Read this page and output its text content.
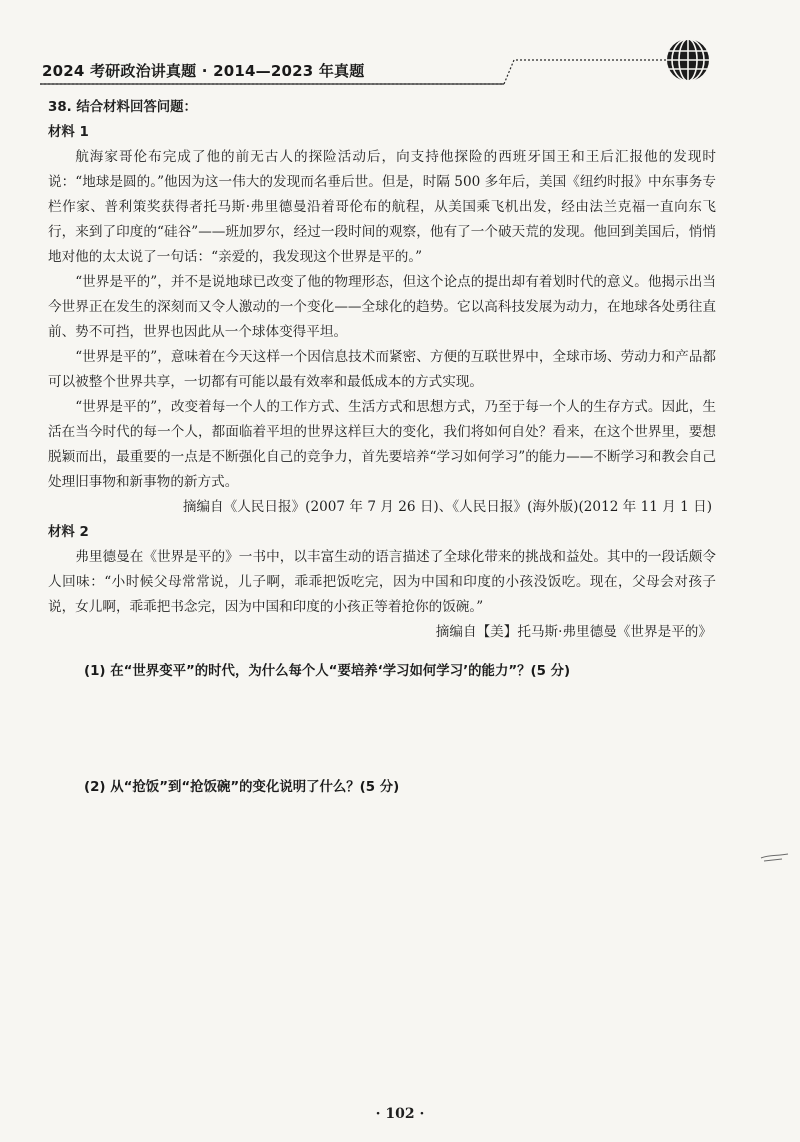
2024 考研政治讲真题 · 2014—2023 年真题

38. 结合材料回答问题：

材料 1

航海家哥伦布完成了他的前无古人的探险活动后，向支持他探险的西班牙国王和王后汇报他的发现时说：“地球是圆的。”他因为这一伟大的发现而名垂后世。但是，时隔 500 多年后，美国《纽约时报》中东事务专栏作家、普利策奖获得者托马斯·弗里德曼沿着哥伦布的航程，从美国乘飞机出发，经由法兰克福一直向东飞行，来到了印度的“硅谷”——班加罗尔，经过一段时间的观察，他有了一个破天荒的发现。他回到美国后，悄悄地对他的太太说了一句话：“亲爱的，我发现这个世界是平的。”

“世界是平的”，并不是说地球已改变了他的物理形态，但这个论点的提出却有着划时代的意义。他揭示出当今世界正在发生的深刻而又令人激动的一个变化——全球化的趋势。它以高科技发展为动力，在地球各处勇往直前、势不可挡，世界也因此从一个球体变得平坦。

“世界是平的”，意味着在今天这样一个因信息技术而紧密、方便的互联世界中，全球市场、劳动力和产品都可以被整个世界共享，一切都有可能以最有效率和最低成本的方式实现。

“世界是平的”，改变着每一个人的工作方式、生活方式和思想方式，乃至于每一个人的生存方式。因此，生活在当今时代的每一个人，都面临着平坦的世界这样巨大的变化，我们将如何自处？看来，在这个世界里，要想脱颖而出，最重要的一点是不断强化自己的竞争力，首先要培养“学习如何学习”的能力——不断学习和教会自己处理旧事物和新事物的新方式。

摘编自《人民日报》(2007 年 7 月 26 日)、《人民日报》(海外版)(2012 年 11 月 1 日)

材料 2

弗里德曼在《世界是平的》一书中，以丰富生动的语言描述了全球化带来的挑战和益处。其中的一段话颇令人回味：“小时候父母常常说，儿子啊，乖乖把饭吃完，因为中国和印度的小孩没饭吃。现在，父母会对孩子说，女儿啊，乖乖把书念完，因为中国和印度的小孩正等着抢你的饭碗。”

摘编自【美】托马斯·弗里德曼《世界是平的》

(1) 在“世界变平”的时代，为什么每个人“要培养‘学习如何学习’的能力”？(5 分)
(2) 从“抢饭”到“抢饭碗”的变化说明了什么？(5 分)
· 102 ·
